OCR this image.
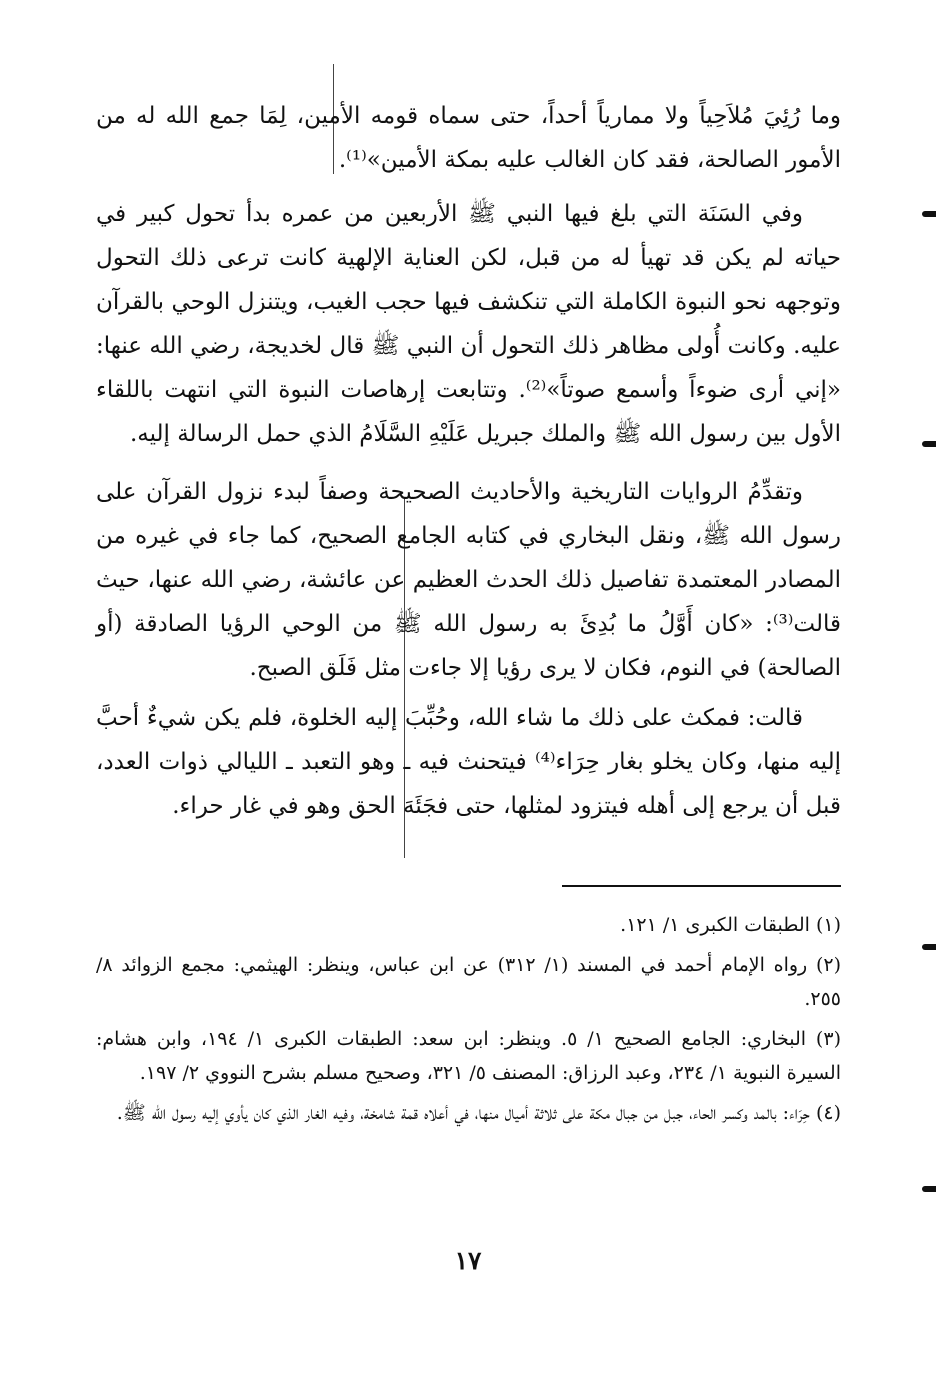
وما رُئِيَ مُلاَحِياً ولا ممارياً أحداً، حتى سماه قومه الأمين، لِمَا جمع الله له من الأمور الصالحة، فقد كان الغالب عليه بمكة الأمين»⁽¹⁾.

وفي السَنَة التي بلغ فيها النبي ﷺ الأربعين من عمره بدأ تحول كبير في حياته لم يكن قد تهيأ له من قبل، لكن العناية الإلهية كانت ترعى ذلك التحول وتوجهه نحو النبوة الكاملة التي تنكشف فيها حجب الغيب، ويتنزل الوحي بالقرآن عليه. وكانت أُولى مظاهر ذلك التحول أن النبي ﷺ قال لخديجة، رضي الله عنها: «إني أرى ضوءاً وأسمع صوتاً»⁽²⁾. وتتابعت إرهاصات النبوة التي انتهت باللقاء الأول بين رسول الله ﷺ والملك جبريل عَلَيْهِ السَّلَامُ الذي حمل الرسالة إليه.

وتقدِّمُ الروايات التاريخية والأحاديث الصحيحة وصفاً لبدء نزول القرآن على رسول الله ﷺ، ونقل البخاري في كتابه الجامع الصحيح، كما جاء في غيره من المصادر المعتمدة تفاصيل ذلك الحدث العظيم عن عائشة، رضي الله عنها، حيث قالت⁽³⁾: «كان أَوَّلُ ما بُدِئَ به رسول الله ﷺ من الوحي الرؤيا الصادقة (أو الصالحة) في النوم، فكان لا يرى رؤيا إلا جاءت مثل فَلَق الصبح.

قالت: فمكث على ذلك ما شاء الله، وحُبِّبَ إليه الخلوة، فلم يكن شيءٌ أحبَّ إليه منها، وكان يخلو بغار حِرَاء⁽⁴⁾ فيتحنث فيه ـ وهو التعبد ـ الليالي ذوات العدد، قبل أن يرجع إلى أهله فيتزود لمثلها، حتى فجَئَهَ الحق وهو في غار حراء.

(١) الطبقات الكبرى ١/ ١٢١.

(٢) رواه الإمام أحمد في المسند (١/ ٣١٢) عن ابن عباس، وينظر: الهيثمي: مجمع الزوائد ٨/ ٢٥٥.

(٣) البخاري: الجامع الصحيح ١/ ٥. وينظر: ابن سعد: الطبقات الكبرى ١/ ١٩٤، وابن هشام: السيرة النبوية ١/ ٢٣٤، وعبد الرزاق: المصنف ٥/ ٣٢١، وصحيح مسلم بشرح النووي ٢/ ١٩٧.

(٤) حِرَاء: بالمد وكسر الحاء، جبل من جبال مكة على ثلاثة أميال منها، في أعلاه قمة شامخة، وفيه الغار الذي كان يأوي إليه رسول الله ﷺ.

١٧
